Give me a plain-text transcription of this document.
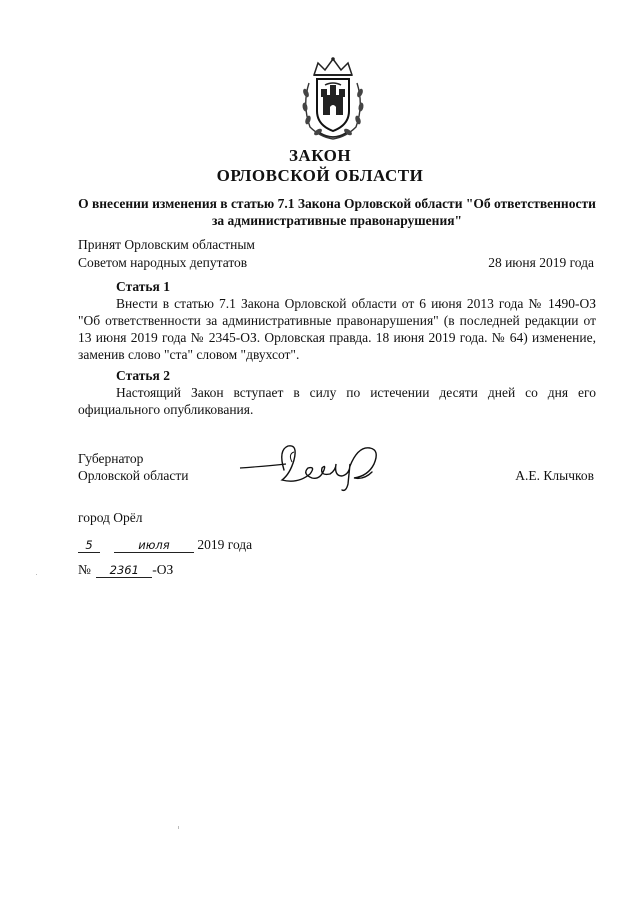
ЗАКОН
ОРЛОВСКОЙ ОБЛАСТИ
О внесении изменения в статью 7.1 Закона Орловской области "Об ответственности за административные правонарушения"
Принят Орловским областным
Советом народных депутатов	28 июня 2019 года
Статья 1
Внести в статью 7.1 Закона Орловской области от 6 июня 2013 года № 1490-ОЗ "Об ответственности за административные правонарушения" (в последней редакции от 13 июня 2019 года № 2345-ОЗ. Орловская правда. 18 июня 2019 года. № 64) изменение, заменив слово "ста" словом "двухсот".
Статья 2
Настоящий Закон вступает в силу по истечении десяти дней со дня его официального опубликования.
Губернатор
Орловской области	А.Е. Клычков
город Орёл
5	июля 2019 года
№ 2361 -ОЗ
